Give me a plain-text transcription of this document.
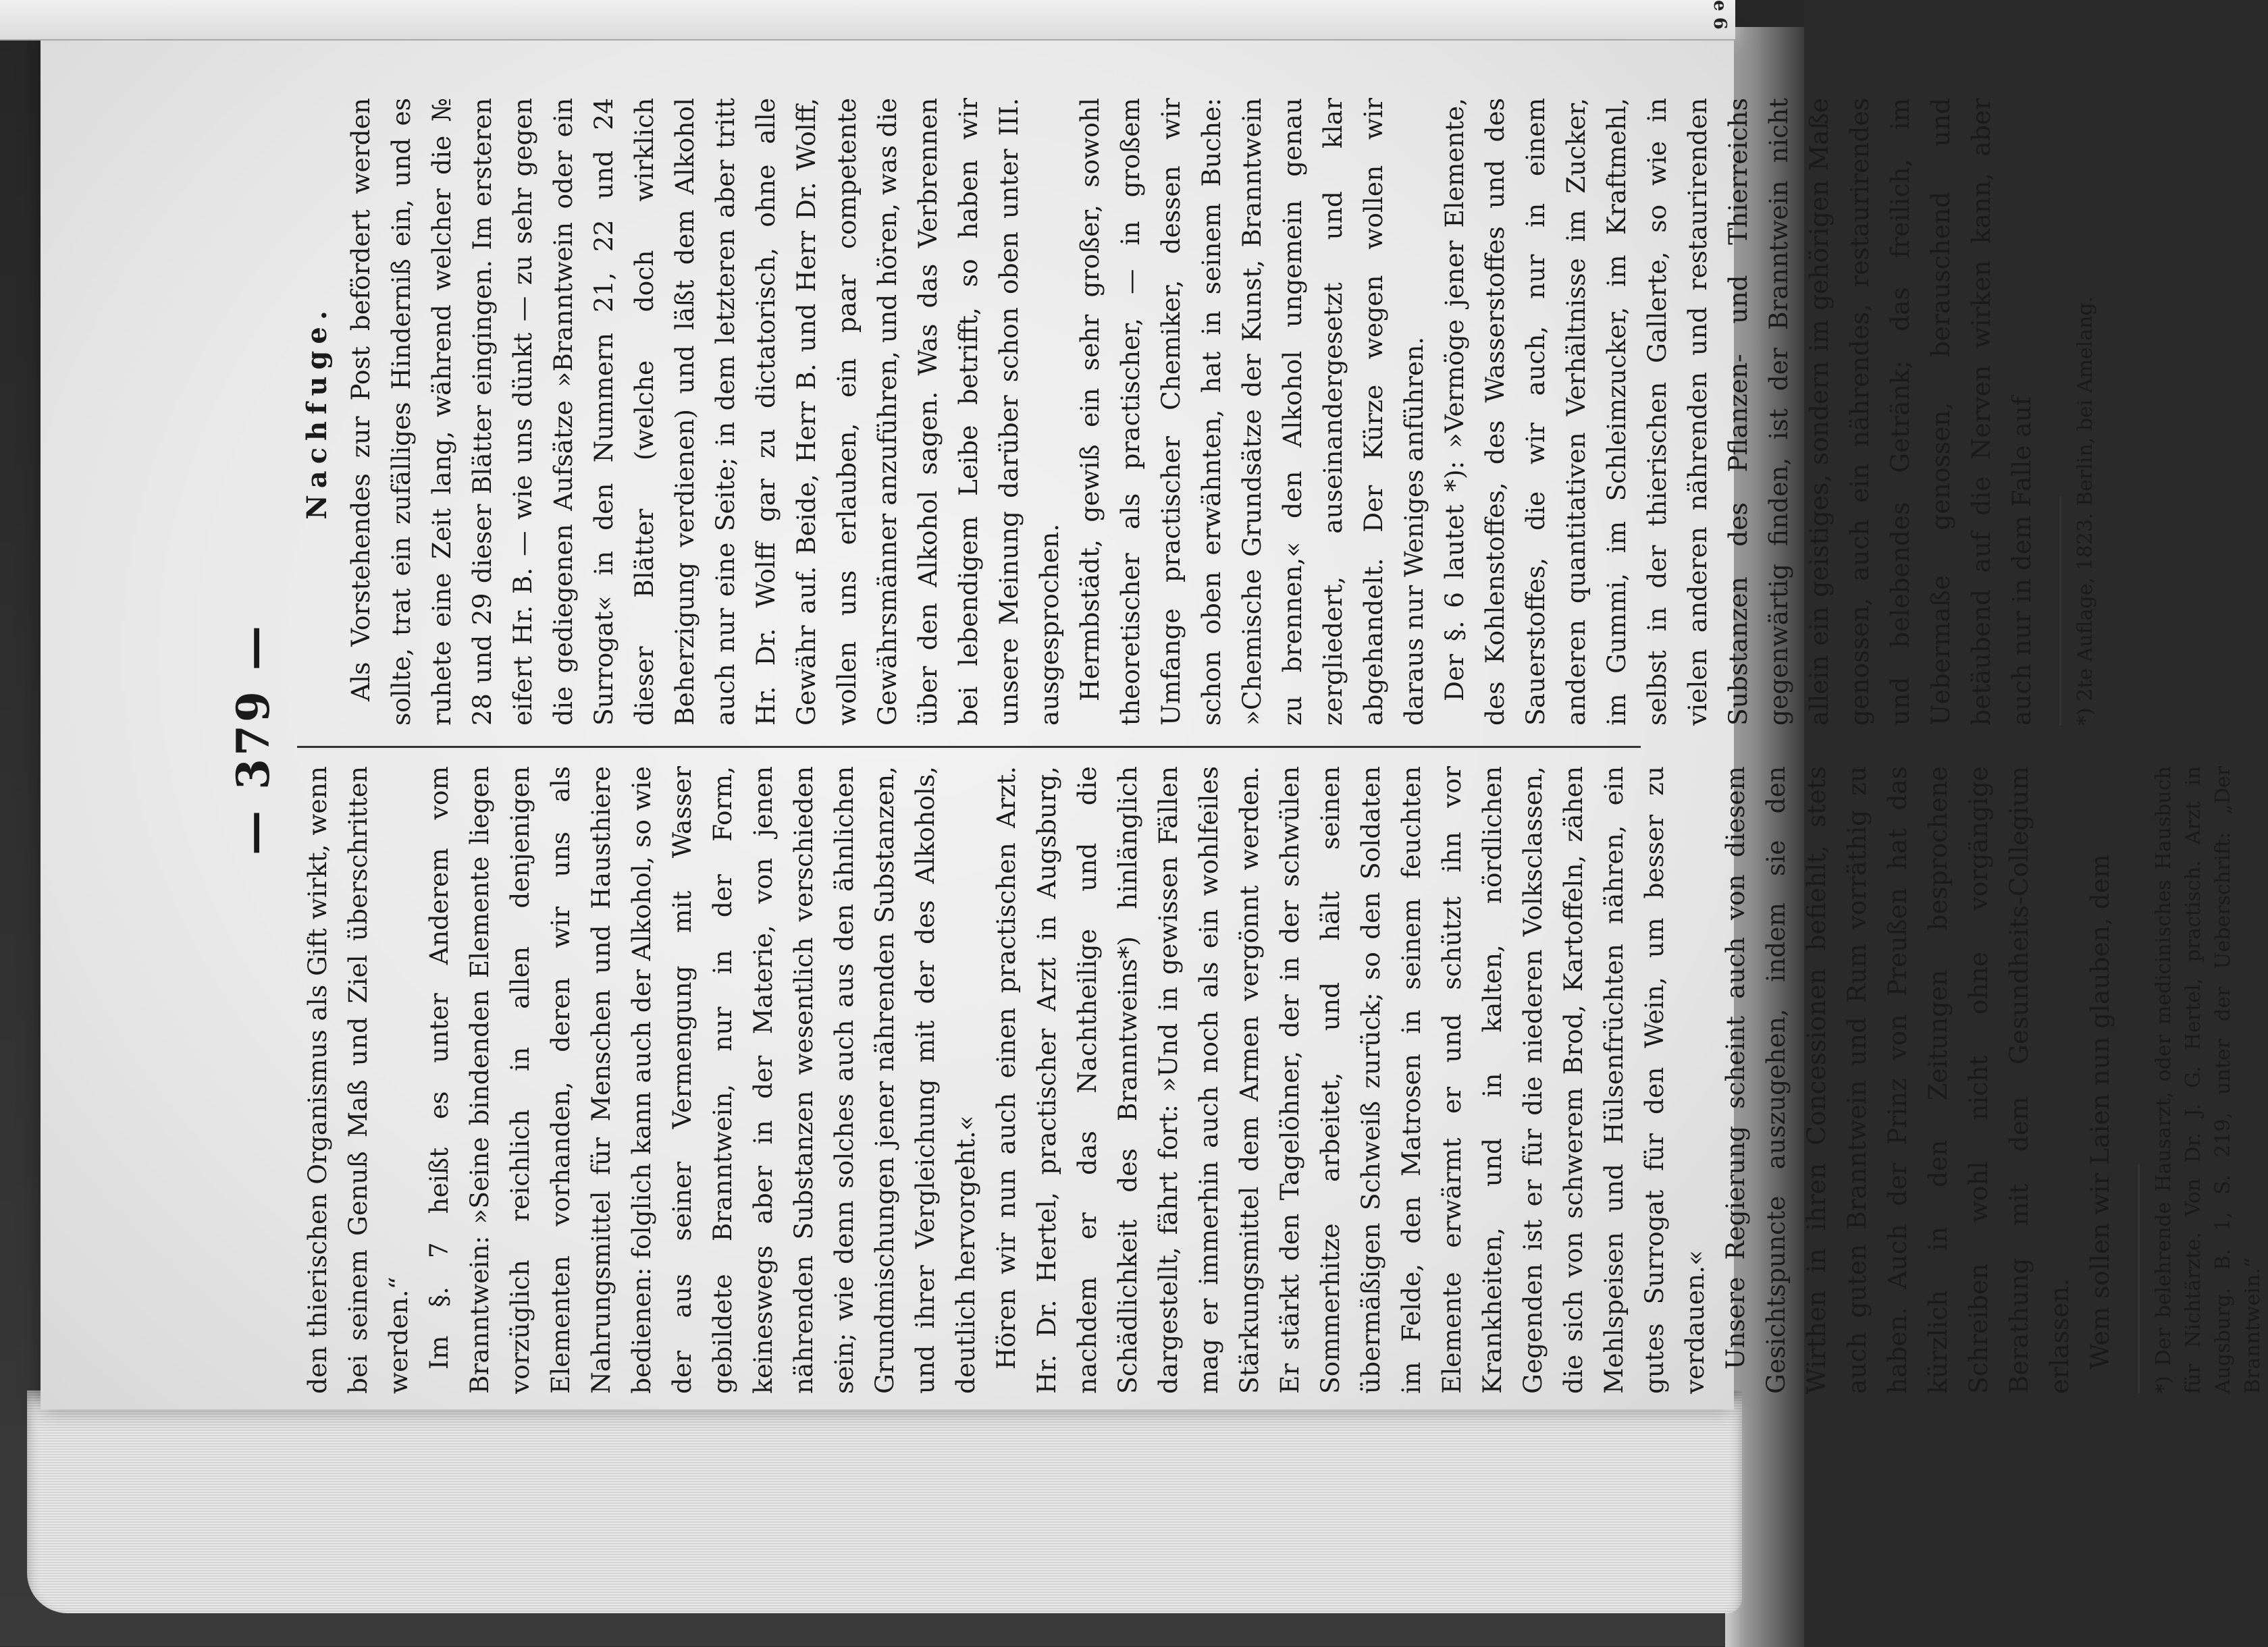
e 6
— 379 —

den thierischen Organismus als Gift wirkt, wenn bei seinem Genuß Maß und Ziel überschritten werden.“ Im §. 7 heißt es unter Anderem vom Branntwein: »Seine bindenden Elemente liegen vorzüglich reichlich in allen denjenigen Elementen vorhanden, deren wir uns als Nahrungsmittel für Menschen und Hausthiere bedienen: folglich kann auch der Alkohol, so wie der aus seiner Vermengung mit Wasser gebildete Branntwein, nur in der Form, keineswegs aber in der Materie, von jenen nährenden Substanzen wesentlich verschieden sein; wie denn solches auch aus den ähnlichen Grundmischungen jener nährenden Substanzen, und ihrer Vergleichung mit der des Alkohols, deutlich hervorgeht.« Hören wir nun auch einen practischen Arzt. Hr. Dr. Hertel, practischer Arzt in Augsburg, nachdem er das Nachtheilige und die Schädlichkeit des Branntweins*) hinlänglich dargestellt, fährt fort: »Und in gewissen Fällen mag er immerhin auch noch als ein wohlfeiles Stärkungsmittel dem Armen vergönnt werden. Er stärkt den Tagelöhner, der in der schwülen Sommerhitze arbeitet, und hält seinen übermäßigen Schweiß zurück; so den Soldaten im Felde, den Matrosen in seinem feuchten Elemente erwärmt er und schützt ihn vor Krankheiten, und in kalten, nördlichen Gegenden ist er für die niederen Volksclassen, die sich von schwerem Brod, Kartoffeln, zähen Mehlspeisen und Hülsenfrüchten nähren, ein gutes Surrogat für den Wein, um besser zu verdauen.« Unsere Regierung scheint auch von diesem Gesichtspuncte auszugehen, indem sie den Wirthen in ihren Concessionen befiehlt, stets auch guten Branntwein und Rum vorräthig zu haben. Auch der Prinz von Preußen hat das kürzlich in den Zeitungen besprochene Schreiben wohl nicht ohne vorgängige Berathung mit dem Gesundheits-Collegium erlassen. Wem sollen wir Laien nun glauben, dem *) Der belehrende Hausarzt, oder medicinisches Hausbuch für Nichtärzte. Von Dr. J. G. Hertel, practisch. Arzt in Augsburg. B. 1, S. 219, unter der Ueberschrift: „Der Branntwein.“

Nachfuge. Als Vorstehendes zur Post befördert werden sollte, trat ein zufälliges Hinderniß ein, und es ruhete eine Zeit lang, während welcher die № 28 und 29 dieser Blätter eingingen. Im ersteren eifert Hr. B. — wie uns dünkt — zu sehr gegen die gediegenen Aufsätze »Branntwein oder ein Surrogat« in den Nummern 21, 22 und 24 dieser Blätter (welche doch wirklich Beherzigung verdienen) und läßt dem Alkohol auch nur eine Seite; in dem letzteren aber tritt Hr. Dr. Wolff gar zu dictatorisch, ohne alle Gewähr auf. Beide, Herr B. und Herr Dr. Wolff, wollen uns erlauben, ein paar competente Gewährsmänner anzuführen, und hören, was die über den Alkohol sagen. Was das Verbrennen bei lebendigem Leibe betrifft, so haben wir unsere Meinung darüber schon oben unter III. ausgesprochen. Hermbstädt, gewiß ein sehr großer, sowohl theoretischer als practischer, — in großem Umfange practischer Chemiker, dessen wir schon oben erwähnten, hat in seinem Buche: »Chemische Grundsätze der Kunst, Branntwein zu brennen,« den Alkohol ungemein genau zergliedert, auseinandergesetzt und klar abgehandelt. Der Kürze wegen wollen wir daraus nur Weniges anführen. Der §. 6 lautet *): »Vermöge jener Elemente, des Kohlenstoffes, des Wasserstoffes und des Sauerstoffes, die wir auch, nur in einem anderen quantitativen Verhältnisse im Zucker, im Gummi, im Schleimzucker, im Kraftmehl, selbst in der thierischen Gallerte, so wie in vielen anderen nährenden und restaurirenden Substanzen des Pflanzen- und Thierreichs gegenwärtig finden, ist der Branntwein nicht allein ein geistiges, sondern im gehörigen Maße genossen, auch ein nährendes, restaurirendes und belebendes Getränk; das freilich, im Uebermaße genossen, berauschend und betäubend auf die Nerven wirken kann, aber auch nur in dem Falle auf *) 2te Auflage, 1823. Berlin, bei Amelang.
